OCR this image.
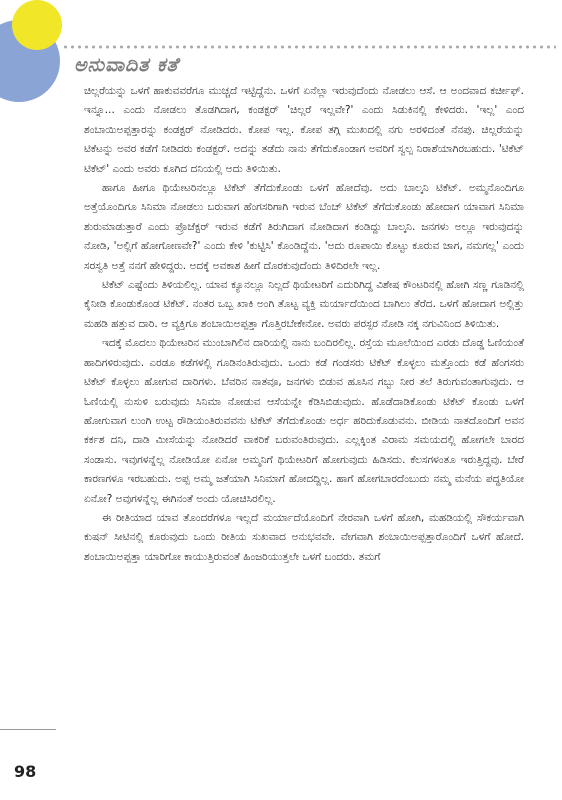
ಅನುವಾದಿತ ಕತೆ

ಚಿಲ್ಲರೆಯನ್ನು ಒಳಗೆ ಹಾಕುವವರೆಗೂ ಮುಚ್ಚದೆ ಇಟ್ಟಿದ್ದೆನು. ಒಳಗೆ ಏನೆಲ್ಲಾ ಇರುವುದೆಂದು ನೋಡಲು ಆಸೆ. ಆ ಅಂದವಾದ ಕರ್ಚೀಫ್. ಇನ್ನೂ... ಎಂದು ನೋಡಲು ತೊಡಗಿದಾಗ, ಕಂಡಕ್ಟರ್ 'ಚಿಲ್ಲರೆ ಇಲ್ಲವೇ?' ಎಂದು ಸಿಡುಕಿನಲ್ಲಿ ಕೇಳಿದರು. 'ಇಲ್ಲ' ಎಂದ ಶಂಬಾಯಿಅಪ್ಪತ್ತಾರನ್ನು ಕಂಡಕ್ಟರ್ ನೋಡಿದರು. ಕೋಪ ಇಲ್ಲ. ಕೋಪ ತಗ್ಗಿ ಮುಖದಲ್ಲಿ ನಗು ಅರಳಿದಂತೆ ನೆನಪು. ಚಿಲ್ಲರೆಯನ್ನು ಟಿಕೆಟನ್ನು ಅವರ ಕಡೆಗೆ ನೀಡಿದರು ಕಂಡಕ್ಟರ್. ಅದನ್ನು ತಡೆದು ನಾನು ತೆಗೆದುಕೊಂಡಾಗ ಅವರಿಗೆ ಸ್ವಲ್ಪ ನಿರಾಶೆಯಾಗಿರಬಹುದು. 'ಟಿಕೆಟ್ ಟಿಕೆಟ್' ಎಂದು ಅವರು ಕೂಗಿದ ದನಿಯಲ್ಲಿ ಅದು ತಿಳಿಯಿತು.

ಹಾಗೂ ಹೀಗೂ ಥಿಯೇಟರಿನಲ್ಲೂ ಟಿಕೆಟ್ ತೆಗೆದುಕೊಂಡು ಒಳಗೆ ಹೋದೆವು. ಅದು ಬಾಲ್ಕನಿ ಟಿಕೆಟ್. ಅಮ್ಮನೊಂದಿಗೂ ಅತ್ತೆಯೊಂದಿಗೂ ಸಿನಿಮಾ ನೋಡಲು ಬರುವಾಗ ಹೆಂಗಸರಿಗಾಗಿ ಇರುವ ಬೆಂಚ್ ಟಿಕೆಟ್ ತೆಗೆದುಕೊಂಡು ಹೋದಾಗ ಯಾವಾಗ ಸಿನಿಮಾ ಶುರುಮಾಡುತ್ತಾರೆ ಎಂದು ಪ್ರೊಜೆಕ್ಟರ್ ಇರುವ ಕಡೆಗೆ ತಿರುಗಿದಾಗ ನೋಡಿದಾಗ ಕಂಡಿದ್ದು ಬಾಲ್ಕನಿ. ಜನಗಳು ಅಲ್ಲೂ ಇರುವುದನ್ನು ನೋಡಿ, 'ಅಲ್ಲಿಗೆ ಹೋಗೋಣವೇ?' ಎಂದು ಕೇಳಿ 'ಕುಟ್ಟಿಸಿ' ಕೊಂಡಿದ್ದೆನು. 'ಅದು ರೂಪಾಯಿ ಕೊಟ್ಟು ಕೂರುವ ಜಾಗ, ನಮಗಲ್ಲ' ಎಂದು ಸರಸ್ವತಿ ಅತ್ತೆ ನನಗೆ ಹೇಳಿದ್ದರು. ಅದಕ್ಕೆ ಅವಕಾಶ ಹೀಗೆ ದೊರಕುವುದೆಂದು ತಿಳಿದಿರಲೇ ಇಲ್ಲ.

ಟಿಕೆಟ್ ಎಷ್ಟೆಂದು ತಿಳಿಯಲಿಲ್ಲ. ಯಾವ ಕ್ಯೂನಲ್ಲೂ ನಿಲ್ಲದೆ ಥಿಯೇಟರಿಗೆ ಎದುರಿಗಿದ್ದ ವಿಶೇಷ ಕೌಂಟರಿನಲ್ಲಿ ಹೋಗಿ ಸಣ್ಣ ಗೂಡಿನಲ್ಲಿ ಕೈನೀಡಿ ಕೊಂಡುಕೊಂಡ ಟಿಕೆಟ್. ನಂತರ ಒಬ್ಬ ಖಾಕಿ ಅಂಗಿ ತೊಟ್ಟ ವ್ಯಕ್ತಿ ಮರ್ಯಾದೆಯಿಂದ ಬಾಗಿಲು ತೆರೆದ. ಒಳಗೆ ಹೋದಾಗ ಅಲ್ಲಿತ್ತು ಮಹಡಿ ಹತ್ತುವ ದಾರಿ. ಆ ವ್ಯಕ್ತಿಗೂ ಶಂಬಾಯಿಅಪ್ಪತ್ತಾ ಗೊತ್ತಿರಬೇಕೇನೋ. ಅವರು ಪರಸ್ಪರ ನೋಡಿ ನಕ್ಕ ನಗುವಿನಿಂದ ತಿಳಿಯಿತು.

ಇದಕ್ಕೆ ಮೊದಲು ಥಿಯೇಟರಿನ ಮುಂಬಾಗಿಲಿನ ದಾರಿಯಲ್ಲಿ ನಾನು ಬಂದಿರಲಿಲ್ಲ. ರಸ್ತೆಯ ಮೂಲೆಯಿಂದ ಎರಡು ದೊಡ್ಡ ಓಣಿಯಂತೆ ಹಾದಿಗಳಿರುವುದು. ಎರಡೂ ಕಡೆಗಳಲ್ಲಿ ಗೂಡಿನಂತಿರುವುದು. ಒಂದು ಕಡೆ ಗಂಡಸರು ಟಿಕೆಟ್ ಕೊಳ್ಳಲು ಮತ್ತೊಂದು ಕಡೆ ಹೆಂಗಸರು ಟಿಕೆಟ್ ಕೊಳ್ಳಲು ಹೋಗುವ ದಾರಿಗಳು. ಬೆವರಿನ ನಾತವೂ, ಜನಗಳು ಬಿಡುವ ಹೂಸಿನ ಗಬ್ಬು ನೀರ ತಲೆ ತಿರುಗುವಂತಾಗುವುದು. ಆ ಓಣಿಯಲ್ಲಿ ನುಸುಳಿ ಬರುವುದು ಸಿನಿಮಾ ನೋಡುವ ಆಸೆಯನ್ನೇ ಕೆಡಿಸಿಬಿಡುವುದು. ಹೊಡೆದಾಡಿಕೊಂಡು ಟಿಕೆಟ್ ಕೊಂಡು ಒಳಗೆ ಹೋಗುವಾಗ ಲುಂಗಿ ಉಟ್ಟ ರೌಡಿಯಂತಿರುವವನು ಟಿಕೆಟ್ ತೆಗೆದುಕೊಂಡು ಅರ್ಧ ಹರಿದುಕೊಡುವನು. ಬೀಡಿಯ ನಾತದೊಂದಿಗೆ ಅವನ ಕರ್ಕಶ ದನಿ, ದಾಡಿ ಮೀಸೆಯನ್ನು ನೋಡಿದರೆ ವಾಕರಿಕೆ ಬರುವಂತಿರುವುದು. ಎಲ್ಲಕ್ಕಿಂತ ವಿರಾಮ ಸಮಯದಲ್ಲಿ ಹೋಗಲೇ ಬಾರದ ಸಂಡಾಸು. ಇವುಗಳನ್ನೆಲ್ಲ ನೋಡಿಯೋ ಏನೋ ಅಮ್ಮನಿಗೆ ಥಿಯೇಟರಿಗೆ ಹೋಗುವುದು ಹಿಡಿಸದು. ಕೆಲಸಗಳಂತೂ ಇರುತ್ತಿದ್ದವು. ಬೇರೆ ಕಾರಣಗಳೂ ಇರಬಹುದು. ಅಪ್ಪ ಅಮ್ಮ ಜತೆಯಾಗಿ ಸಿನಿಮಾಗೆ ಹೋದದ್ದಿಲ್ಲ. ಹಾಗೆ ಹೋಗಬಾರದೆಂಬುದು ನಮ್ಮ ಮನೆಯ ಪದ್ಧತಿಯೋ ಏನೋ? ಅವುಗಳನ್ನೆಲ್ಲ ಈಗಿನಂತೆ ಅಂದು ಯೋಚಿಸಿರಲಿಲ್ಲ.

ಈ ರೀತಿಯಾದ ಯಾವ ತೊಂದರೆಗಳೂ ಇಲ್ಲದೆ ಮರ್ಯಾದೆಯೊಂದಿಗೆ ನೇರವಾಗಿ ಒಳಗೆ ಹೋಗಿ, ಮಹಡಿಯಲ್ಲಿ ಸೌಕರ್ಯವಾಗಿ ಕುಷನ್ ಸೀಟಿನಲ್ಲಿ ಕೂರುವುದು ಒಂದು ರೀತಿಯ ಸುಖವಾದ ಅನುಭವವೇ. ವೇಗವಾಗಿ ಶಂಬಾಯಿಅಪ್ಪತ್ತಾರೊಂದಿಗೆ ಒಳಗೆ ಹೋದೆ. ಶಂಬಾಯಿಅಪ್ಪತ್ತಾ ಯಾರಿಗೋ ಕಾಯುತ್ತಿರುವಂತೆ ಹಿಂಜರಿಯುತ್ತಲೇ ಒಳಗೆ ಬಂದರು. ತಮಗೆ

98
